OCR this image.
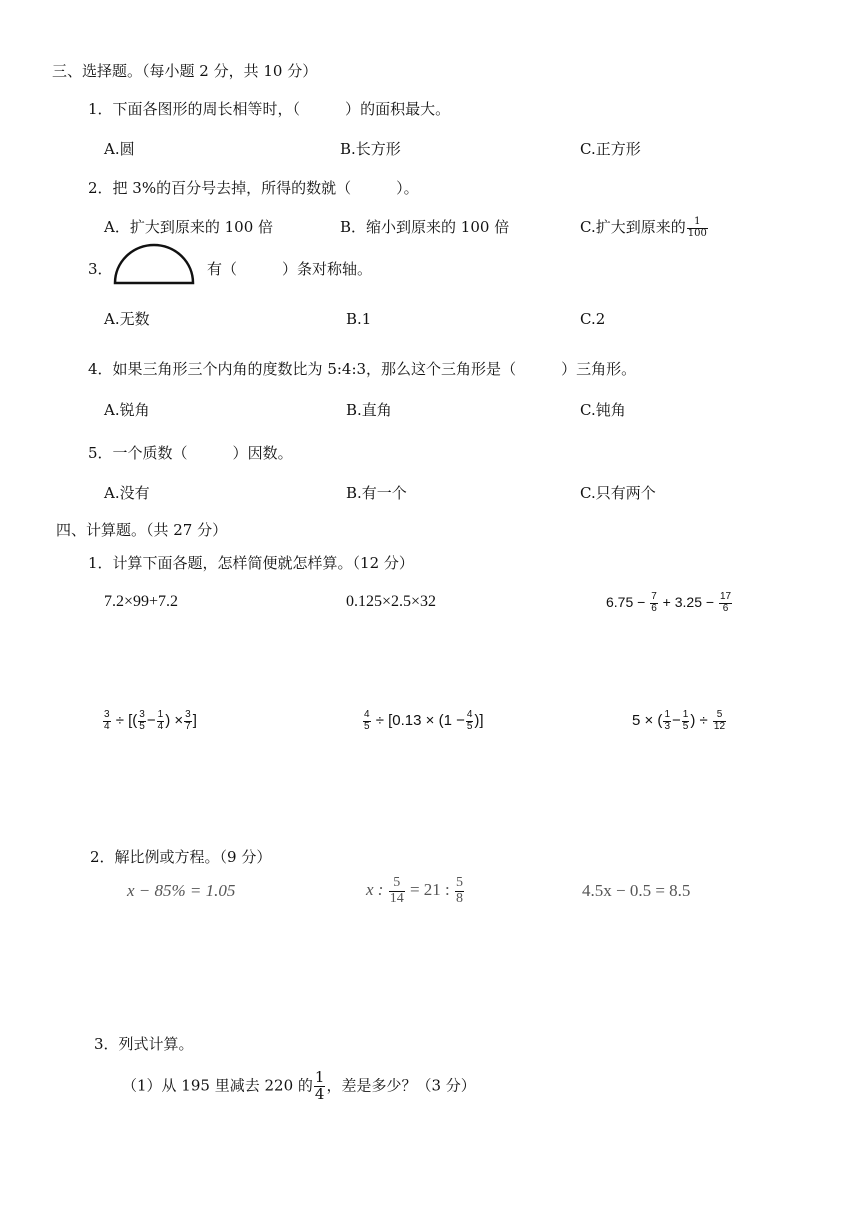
三、选择题。（每小题 2 分，共 10 分）
1．下面各图形的周长相等时，（　　　）的面积最大。
A.圆	B.长方形	C.正方形
2．把 3%的百分号去掉，所得的数就（　　　）。
A．扩大到原来的 100 倍	B．缩小到原来的 100 倍	C.扩大到原来的 $\frac{1}{100}$
3．	有（　　　）条对称轴。
A.无数	B.1	C.2
4．如果三角形三个内角的度数比为 5:4:3，那么这个三角形是（　　　）三角形。
A.锐角	B.直角	C.钝角
5．一个质数（　　　）因数。
A.没有	B.有一个	C.只有两个
四、计算题。（共 27 分）
1．计算下面各题，怎样简便就怎样算。（12 分）
7.2×99+7.2	0.125×2.5×32	$6.75 - \frac{7}{6} + 3.25 - \frac{17}{6}$
$\frac{3}{4}$ ÷ [( $\frac{3}{5} - \frac{1}{4}$ ) × $\frac{3}{7}$ ]	$\frac{4}{5} \div [0.13 \times (1 - \frac{4}{5}$ )]	5 × ( $\frac{1}{3} - \frac{1}{5}$ ) ÷ $\frac{5}{12}$
2．解比例或方程。（9 分）
x − 85% = 1.05	x : $\frac{5}{14} = 21$ : $\frac{5}{8}$	4.5x − 0.5 = 8.5
3．列式计算。
（1）从 195 里减去 220 的 $\frac{1}{4}$ ，差是多少？（3 分）
